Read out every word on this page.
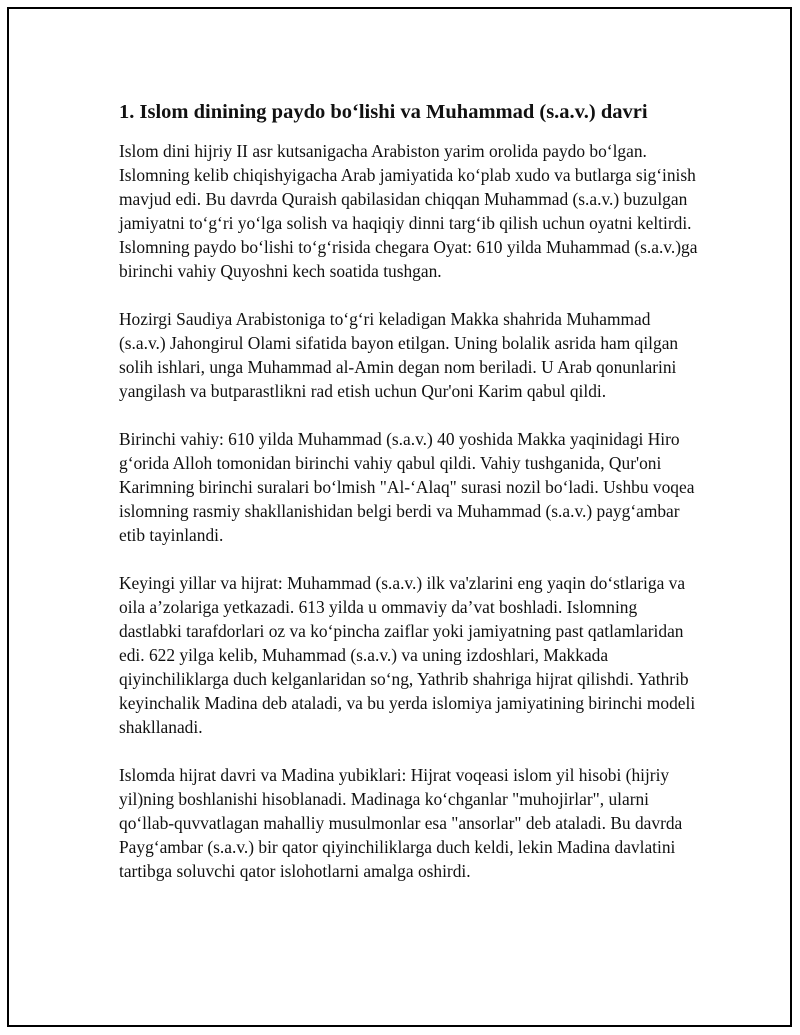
1. Islom dinining paydo bo‘lishi va Muhammad (s.a.v.) davri

Islom dini hijriy II asr kutsanigacha Arabiston yarim orolida paydo bo‘lgan. Islomning kelib chiqishyigacha Arab jamiyatida ko‘plab xudo va butlarga sig‘inish mavjud edi. Bu davrda Quraish qabilasidan chiqqan Muhammad (s.a.v.) buzulgan jamiyatni to‘g‘ri yo‘lga solish va haqiqiy dinni targ‘ib qilish uchun oyatni keltirdi. Islomning paydo bo‘lishi to‘g‘risida chegara Oyat: 610 yilda Muhammad (s.a.v.)ga birinchi vahiy Quyoshni kech soatida tushgan.

Hozirgi Saudiya Arabistoniga to‘g‘ri keladigan Makka shahrida Muhammad (s.a.v.) Jahongirul Olami sifatida bayon etilgan. Uning bolalik asrida ham qilgan solih ishlari, unga Muhammad al-Amin degan nom beriladi. U Arab qonunlarini yangilash va butparastlikni rad etish uchun Qur'oni Karim qabul qildi.

Birinchi vahiy: 610 yilda Muhammad (s.a.v.) 40 yoshida Makka yaqinidagi Hiro g‘orida Alloh tomonidan birinchi vahiy qabul qildi. Vahiy tushganida, Qur'oni Karimning birinchi suralari bo‘lmish "Al-‘Alaq" surasi nozil bo‘ladi. Ushbu voqea islomning rasmiy shakllanishidan belgi berdi va Muhammad (s.a.v.) payg‘ambar etib tayinlandi.

Keyingi yillar va hijrat: Muhammad (s.a.v.) ilk va'zlarini eng yaqin do‘stlariga va oila a’zolariga yetkazadi. 613 yilda u ommaviy da’vat boshladi. Islomning dastlabki tarafdorlari oz va ko‘pincha zaiflar yoki jamiyatning past qatlamlaridan edi. 622 yilga kelib, Muhammad (s.a.v.) va uning izdoshlari, Makkada qiyinchiliklarga duch kelganlaridan so‘ng, Yathrib shahriga hijrat qilishdi. Yathrib keyinchalik Madina deb ataladi, va bu yerda islomiya jamiyatining birinchi modeli shakllanadi.

Islomda hijrat davri va Madina yubiklari: Hijrat voqeasi islom yil hisobi (hijriy yil)ning boshlanishi hisoblanadi. Madinaga ko‘chganlar "muhojirlar", ularni qo‘llab-quvvatlagan mahalliy musulmonlar esa "ansorlar" deb ataladi. Bu davrda Payg‘ambar (s.a.v.) bir qator qiyinchiliklarga duch keldi, lekin Madina davlatini tartibga soluvchi qator islohotlarni amalga oshirdi.
